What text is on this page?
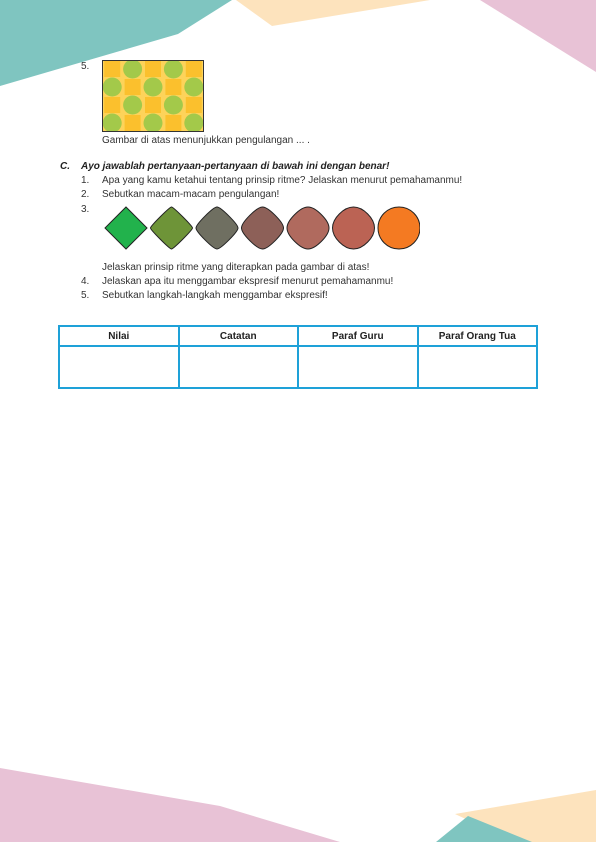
5.
Gambar di atas menunjukkan pengulangan ... .
C. Ayo jawablah pertanyaan-pertanyaan di bawah ini dengan benar!
1. Apa yang kamu ketahui tentang prinsip ritme? Jelaskan menurut pemahamanmu!
2. Sebutkan macam-macam pengulangan!
3.
Jelaskan prinsip ritme yang diterapkan pada gambar di atas!
4. Jelaskan apa itu menggambar ekspresif menurut pemahamanmu!
5. Sebutkan langkah-langkah menggambar ekspresif!
Nilai	Catatan	Paraf Guru	Paraf Orang Tua
